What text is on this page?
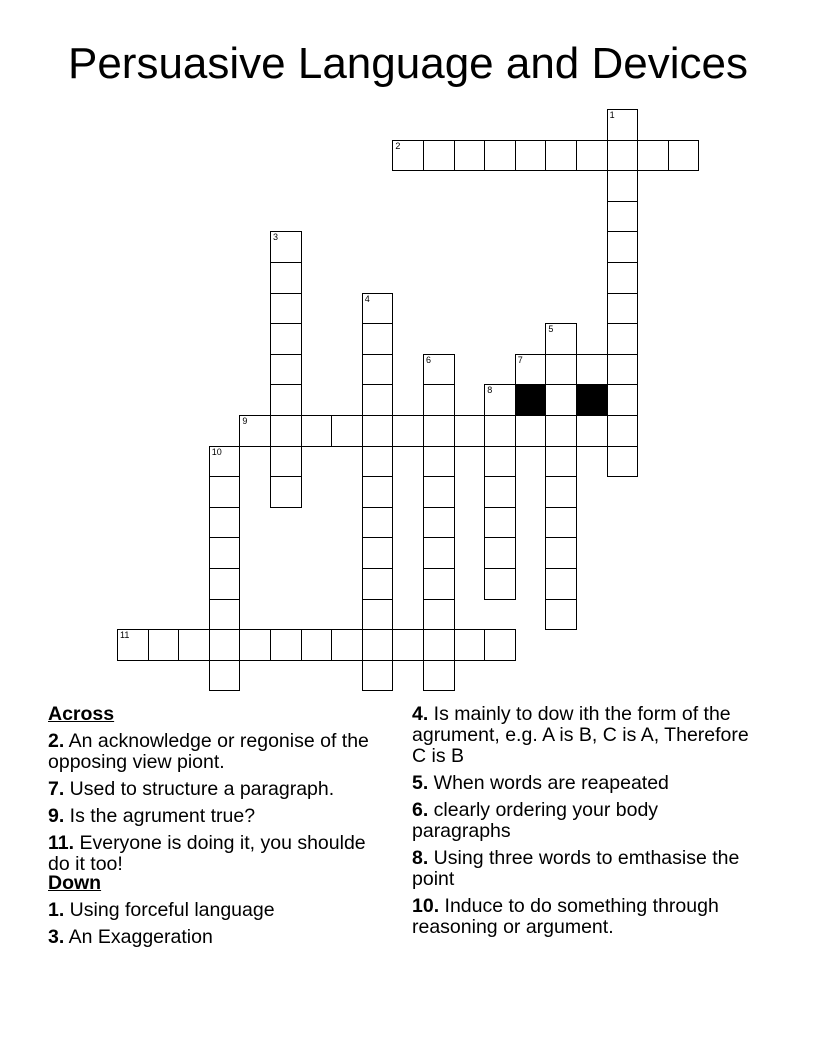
Persuasive Language and Devices
1
2
3
4
5
6	7
8
9
10
11
Across
2. An acknowledge or regonise of the opposing view piont.
7. Used to structure a paragraph.
9. Is the agrument true?
11. Everyone is doing it, you shoulde do it too!
Down
1. Using forceful language
3. An Exaggeration
4. Is mainly to dow ith the form of the agrument, e.g. A is B, C is A, Therefore C is B
5. When words are reapeated
6. clearly ordering your body paragraphs
8. Using three words to emthasise the point
10. Induce to do something through reasoning or argument.
